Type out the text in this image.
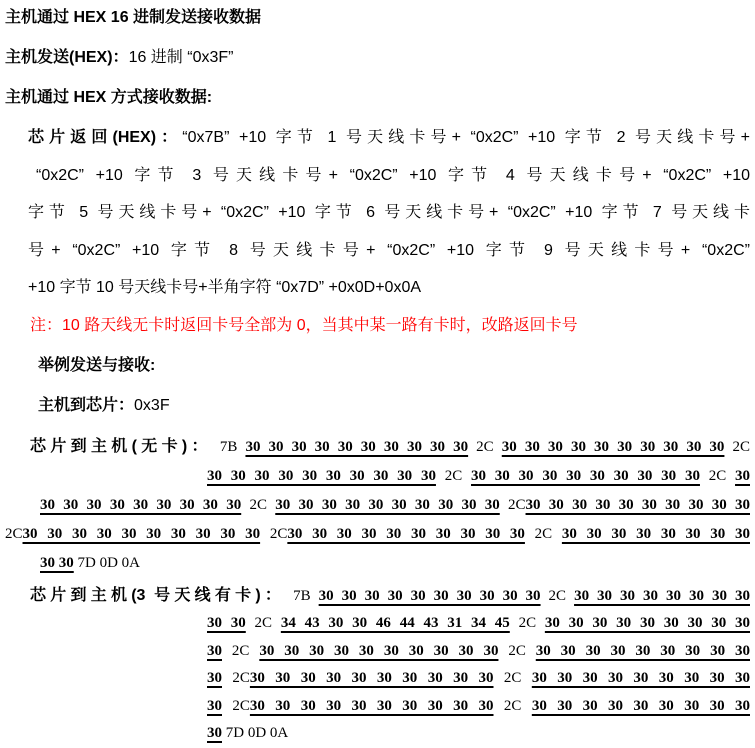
主机通过 HEX 16 进制发送接收数据
主机发送(HEX)：16 进制 “0x3F”
主机通过 HEX 方式接收数据:
芯片返回(HEX)：“0x7B” +10 字节 1 号天线卡号+ “0x2C” +10 字节 2 号天线卡号+
“0x2C” +10 字节 3 号天线卡号+ “0x2C” +10 字节 4 号天线卡号+ “0x2C” +10
字节 5 号天线卡号+ “0x2C” +10 字节 6 号天线卡号+ “0x2C” +10 字节 7 号天线卡
号+ “0x2C” +10 字节 8 号天线卡号+ “0x2C” +10 字节 9 号天线卡号+ “0x2C”
+10 字节 10 号天线卡号+半角字符 “0x7D” +0x0D+0x0A
注：10 路天线无卡时返回卡号全部为 0，当其中某一路有卡时，改路返回卡号
举例发送与接收:
主机到芯片：0x3F
芯片到主机(无卡)： 7B 30 30 30 30 30 30 30 30 30 30 2C 30 30 30 30 30 30 30 30 30 30 2C
30 30 30 30 30 30 30 30 30 30 2C 30 30 30 30 30 30 30 30 30 30 2C 30
30 30 30 30 30 30 30 30 30 2C 30 30 30 30 30 30 30 30 30 30 2C30 30 30 30 30 30 30 30 30 30
2C30 30 30 30 30 30 30 30 30 30 2C30 30 30 30 30 30 30 30 30 30 2C 30 30 30 30 30 30 30 30
30 30 7D 0D 0A
芯片到主机(3 号天线有卡)： 7B 30 30 30 30 30 30 30 30 30 30 2C 30 30 30 30 30 30 30 30
30 30 2C 34 43 30 30 46 44 43 31 34 45 2C 30 30 30 30 30 30 30 30 30
30 2C 30 30 30 30 30 30 30 30 30 30 2C 30 30 30 30 30 30 30 30 30
30 2C30 30 30 30 30 30 30 30 30 30 2C 30 30 30 30 30 30 30 30 30
30 2C30 30 30 30 30 30 30 30 30 30 2C 30 30 30 30 30 30 30 30 30
30 7D 0D 0A
